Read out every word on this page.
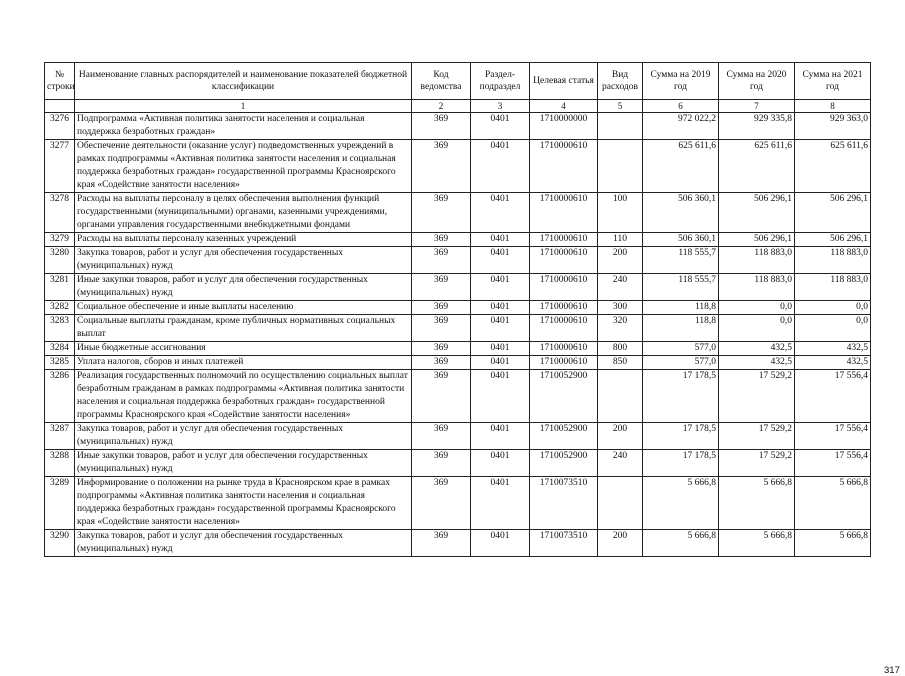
№ строки	Наименование главных распорядителей и наименование показателей бюджетной классификации	Код ведомства	Раздел-подраздел	Целевая статья	Вид расходов	Сумма на 2019 год	Сумма на 2020 год	Сумма на 2021 год
	1	2	3	4	5	6	7	8
3276	Подпрограмма «Активная политика занятости населения и социальная поддержка безработных граждан»	369	0401	1710000000		972 022,2	929 335,8	929 363,0
3277	Обеспечение деятельности (оказание услуг) подведомственных учреждений в рамках подпрограммы «Активная политика занятости населения и социальная поддержка безработных граждан» государственной программы Красноярского края «Содействие занятости населения»	369	0401	1710000610		625 611,6	625 611,6	625 611,6
3278	Расходы на выплаты персоналу в целях обеспечения выполнения функций государственными (муниципальными) органами, казенными учреждениями, органами управления государственными внебюджетными фондами	369	0401	1710000610	100	506 360,1	506 296,1	506 296,1
3279	Расходы на выплаты персоналу казенных учреждений	369	0401	1710000610	110	506 360,1	506 296,1	506 296,1
3280	Закупка товаров, работ и услуг для обеспечения государственных (муниципальных) нужд	369	0401	1710000610	200	118 555,7	118 883,0	118 883,0
3281	Иные закупки товаров, работ и услуг для обеспечения государственных (муниципальных) нужд	369	0401	1710000610	240	118 555,7	118 883,0	118 883,0
3282	Социальное обеспечение и иные выплаты населению	369	0401	1710000610	300	118,8	0,0	0,0
3283	Социальные выплаты гражданам, кроме публичных нормативных социальных выплат	369	0401	1710000610	320	118,8	0,0	0,0
3284	Иные бюджетные ассигнования	369	0401	1710000610	800	577,0	432,5	432,5
3285	Уплата налогов, сборов и иных платежей	369	0401	1710000610	850	577,0	432,5	432,5
3286	Реализация государственных полномочий по осуществлению социальных выплат безработным гражданам в рамках подпрограммы «Активная политика занятости населения и социальная поддержка безработных граждан» государственной программы Красноярского края «Содействие занятости населения»	369	0401	1710052900		17 178,5	17 529,2	17 556,4
3287	Закупка товаров, работ и услуг для обеспечения государственных (муниципальных) нужд	369	0401	1710052900	200	17 178,5	17 529,2	17 556,4
3288	Иные закупки товаров, работ и услуг для обеспечения государственных (муниципальных) нужд	369	0401	1710052900	240	17 178,5	17 529,2	17 556,4
3289	Информирование о положении на рынке труда в Красноярском крае в рамках подпрограммы «Активная политика занятости населения и социальная поддержка безработных граждан» государственной программы Красноярского края «Содействие занятости населения»	369	0401	1710073510		5 666,8	5 666,8	5 666,8
3290	Закупка товаров, работ и услуг для обеспечения государственных (муниципальных) нужд	369	0401	1710073510	200	5 666,8	5 666,8	5 666,8
317
